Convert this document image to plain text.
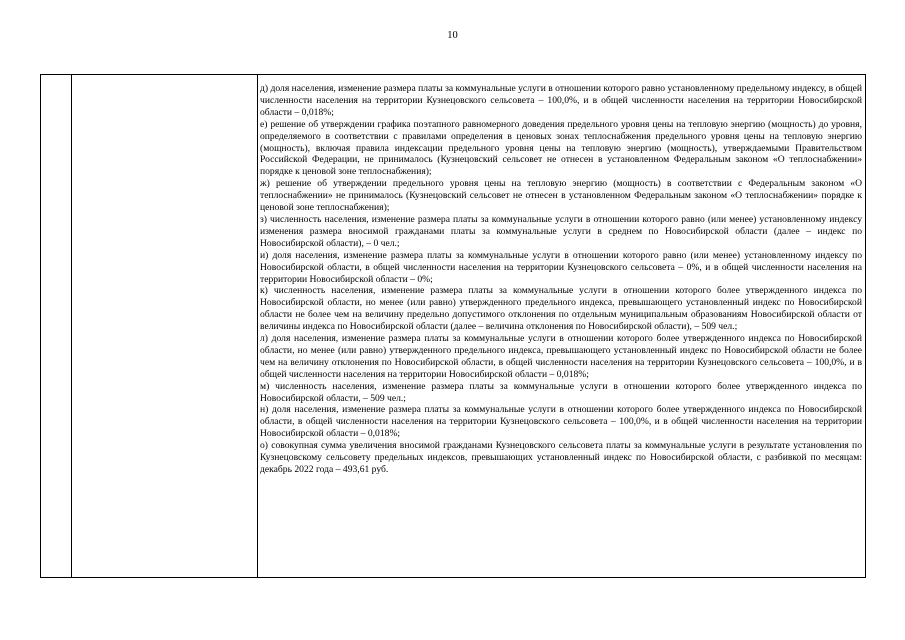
10

д) доля населения, изменение размера платы за коммунальные услуги в отношении которого равно установленному предельному индексу, в общей численности населения на территории Кузнецовского сельсовета – 100,0%, и в общей численности населения на территории Новосибирской области – 0,018%;

е) решение об утверждении графика поэтапного равномерного доведения предельного уровня цены на тепловую энергию (мощность) до уровня, определяемого в соответствии с правилами определения в ценовых зонах теплоснабжения предельного уровня цены на тепловую энергию (мощность), включая правила индексации предельного уровня цены на тепловую энергию (мощность), утверждаемыми Правительством Российской Федерации, не принималось (Кузнецовский сельсовет не отнесен в установленном Федеральным законом «О теплоснабжении» порядке к ценовой зоне теплоснабжения);

ж) решение об утверждении предельного уровня цены на тепловую энергию (мощность) в соответствии с Федеральным законом «О теплоснабжении» не принималось (Кузнецовский сельсовет не отнесен в установленном Федеральным законом «О теплоснабжении» порядке к ценовой зоне теплоснабжения);

з) численность населения, изменение размера платы за коммунальные услуги в отношении которого равно (или менее) установленному индексу изменения размера вносимой гражданами платы за коммунальные услуги в среднем по Новосибирской области (далее – индекс по Новосибирской области), – 0 чел.;

и) доля населения, изменение размера платы за коммунальные услуги в отношении которого равно (или менее) установленному индексу по Новосибирской области, в общей численности населения на территории Кузнецовского сельсовета – 0%, и в общей численности населения на территории Новосибирской области – 0%;

к) численность населения, изменение размера платы за коммунальные услуги в отношении которого более утвержденного индекса по Новосибирской области, но менее (или равно) утвержденного предельного индекса, превышающего установленный индекс по Новосибирской области не более чем на величину предельно допустимого отклонения по отдельным муниципальным образованиям Новосибирской области от величины индекса по Новосибирской области (далее – величина отклонения по Новосибирской области), – 509 чел.;

л) доля населения, изменение размера платы за коммунальные услуги в отношении которого более утвержденного индекса по Новосибирской области, но менее (или равно) утвержденного предельного индекса, превышающего установленный индекс по Новосибирской области не более чем на величину отклонения по Новосибирской области, в общей численности населения на территории Кузнецовского сельсовета – 100,0%, и в общей численности населения на территории Новосибирской области – 0,018%;

м) численность населения, изменение размера платы за коммунальные услуги в отношении которого более утвержденного индекса по Новосибирской области, – 509 чел.;

н) доля населения, изменение размера платы за коммунальные услуги в отношении которого более утвержденного индекса по Новосибирской области, в общей численности населения на территории Кузнецовского сельсовета – 100,0%, и в общей численности населения на территории Новосибирской области – 0,018%;

о) совокупная сумма увеличения вносимой гражданами Кузнецовского сельсовета платы за коммунальные услуги в результате установления по Кузнецовскому сельсовету предельных индексов, превышающих установленный индекс по Новосибирской области, с разбивкой по месяцам: декабрь 2022 года – 493,61 руб.
